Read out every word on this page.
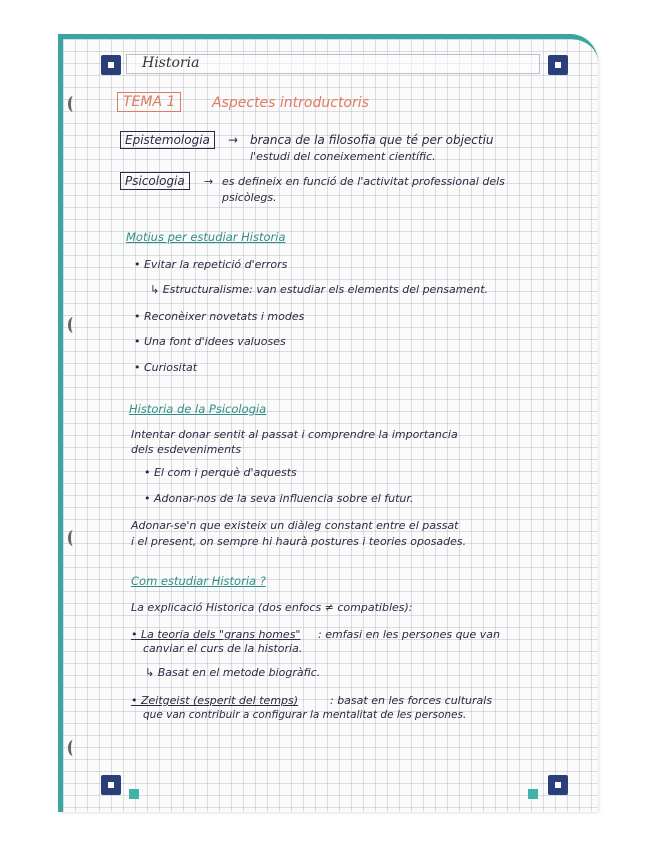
Historia
TEMA 1	Aspectes introductoris
Epistemologia	→ branca de la filosofia que té per objectiu
l'estudi del coneixement científic.
Psicologia	→ es defineix en funció de l'activitat professional dels
psicòlegs.
Motius per estudiar Historia
• Evitar la repetició d'errors
↳ Estructuralisme: van estudiar els elements del pensament.
• Reconèixer novetats i modes
• Una font d'idees valuoses
• Curiositat
Historia de la Psicologia
Intentar donar sentit al passat i comprendre la importancia
dels esdeveniments
• El com i perquè d'aquests
• Adonar-nos de la seva influencia sobre el futur.
Adonar-se'n que existeix un diàleg constant entre el passat
i el present, on sempre hi haurà postures i teories oposades.
Com estudiar Historia ?
La explicació Historica (dos enfocs ≠ compatibles):
• La teoria dels "grans homes" : emfasi en les persones que van
canviar el curs de la historia.
↳ Basat en el metode biogràfic.
• Zeitgeist (esperit del temps)	: basat en les forces culturals
que van contribuir a configurar la mentalitat de les persones.
